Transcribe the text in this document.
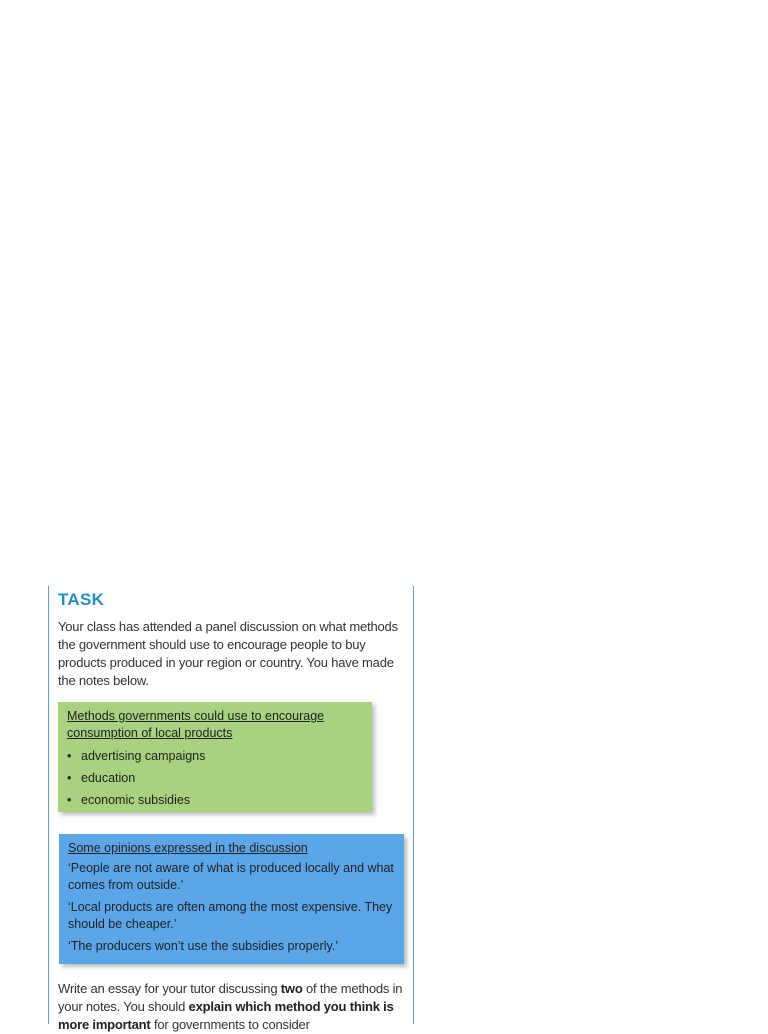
TASK

Your class has attended a panel discussion on what methods the government should use to encourage people to buy products produced in your region or country. You have made the notes below.

Methods governments could use to encourage consumption of local products

• advertising campaigns
• education
• economic subsidies

Some opinions expressed in the discussion

‘People are not aware of what is produced locally and what comes from outside.’

‘Local products are often among the most expensive. They should be cheaper.’

‘The producers won’t use the subsidies properly.’

Write an essay for your tutor discussing two of the methods in your notes. You should explain which method you think is more important for governments to consider
